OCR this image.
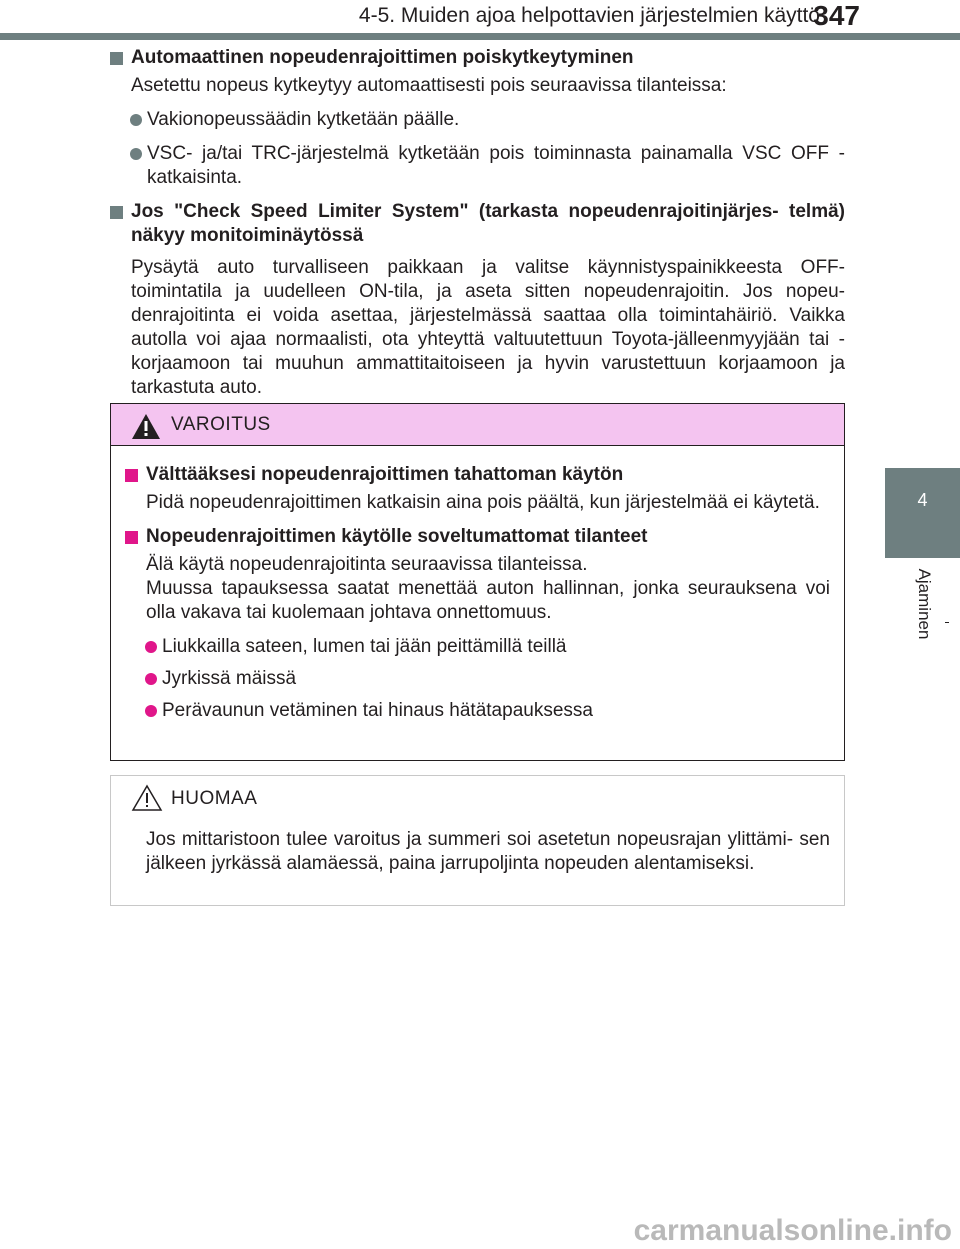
4-5. Muiden ajoa helpottavien järjestelmien käyttö
347
4
Ajaminen
Automaattinen nopeudenrajoittimen poiskytkeytyminen
Asetettu nopeus kytkeytyy automaattisesti pois seuraavissa tilanteissa:
Vakionopeussäädin kytketään päälle.
VSC- ja/tai TRC-järjestelmä kytketään pois toiminnasta painamalla VSC OFF -katkaisinta.
Jos "Check Speed Limiter System" (tarkasta nopeudenrajoitinjärjes- telmä) näkyy monitoiminäytössä
Pysäytä auto turvalliseen paikkaan ja valitse käynnistyspainikkeesta OFF- toimintatila ja uudelleen ON-tila, ja aseta sitten nopeudenrajoitin. Jos nopeu- denrajoitinta ei voida asettaa, järjestelmässä saattaa olla toimintahäiriö. Vaikka autolla voi ajaa normaalisti, ota yhteyttä valtuutettuun Toyota-jälleenmyyjään tai -korjaamoon tai muuhun ammattitaitoiseen ja hyvin varustettuun korjaamoon ja tarkastuta auto.
VAROITUS
Välttääksesi nopeudenrajoittimen tahattoman käytön
Pidä nopeudenrajoittimen katkaisin aina pois päältä, kun järjestelmää ei käytetä.
Nopeudenrajoittimen käytölle soveltumattomat tilanteet
Älä käytä nopeudenrajoitinta seuraavissa tilanteissa.
Muussa tapauksessa saatat menettää auton hallinnan, jonka seurauksena voi olla vakava tai kuolemaan johtava onnettomuus.
Liukkailla sateen, lumen tai jään peittämillä teillä
Jyrkissä mäissä
Perävaunun vetäminen tai hinaus hätätapauksessa
HUOMAA
Jos mittaristoon tulee varoitus ja summeri soi asetetun nopeusrajan ylittämi- sen jälkeen jyrkässä alamäessä, paina jarrupoljinta nopeuden alentamiseksi.
carmanualsonline.info
